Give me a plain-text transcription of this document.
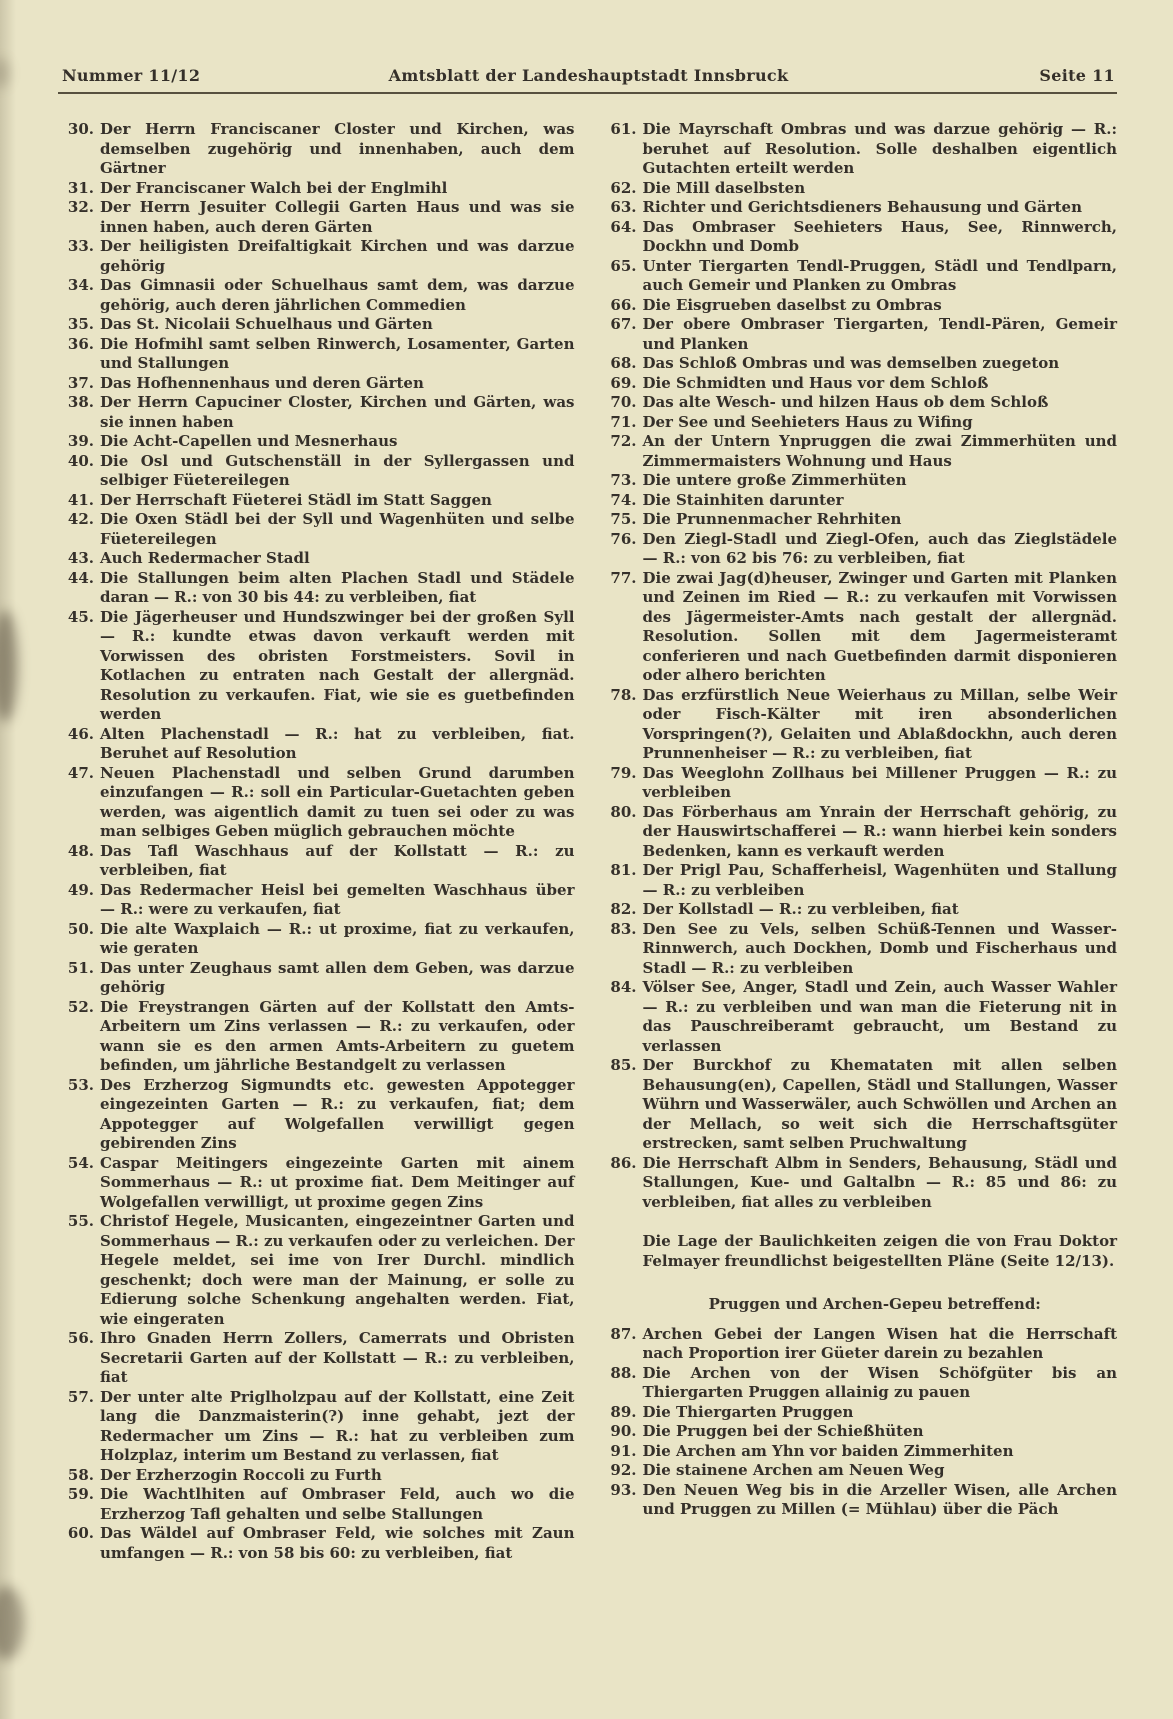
Nummer 11/12	Amtsblatt der Landeshauptstadt Innsbruck	Seite 11
30. Der Herrn Franciscaner Closter und Kirchen, was demselben zugehörig und innenhaben, auch dem Gärtner
31. Der Franciscaner Walch bei der Englmihl
32. Der Herrn Jesuiter Collegii Garten Haus und was sie innen haben, auch deren Gärten
33. Der heiligisten Dreifaltigkait Kirchen und was darzue gehörig
34. Das Gimnasii oder Schuelhaus samt dem, was darzue gehörig, auch deren jährlichen Commedien
35. Das St. Nicolaii Schuelhaus und Gärten
36. Die Hofmihl samt selben Rinwerch, Losamenter, Garten und Stallungen
37. Das Hofhennenhaus und deren Gärten
38. Der Herrn Capuciner Closter, Kirchen und Gärten, was sie innen haben
39. Die Acht-Capellen und Mesnerhaus
40. Die Osl und Gutschenställ in der Syllergassen und selbiger Füetereilegen
41. Der Herrschaft Füeterei Städl im Statt Saggen
42. Die Oxen Städl bei der Syll und Wagenhüten und selbe Füetereilegen
43. Auch Redermacher Stadl
44. Die Stallungen beim alten Plachen Stadl und Städele daran — R.: von 30 bis 44: zu verbleiben, fiat
45. Die Jägerheuser und Hundszwinger bei der großen Syll — R.: kundte etwas davon verkauft werden mit Vorwissen des obristen Forstmeisters. Sovil in Kotlachen zu entraten nach Gestalt der allergnäd. Resolution zu verkaufen. Fiat, wie sie es guetbefinden werden
46. Alten Plachenstadl — R.: hat zu verbleiben, fiat. Beruhet auf Resolution
47. Neuen Plachenstadl und selben Grund darumben einzufangen — R.: soll ein Particular-Guetachten geben werden, was aigentlich damit zu tuen sei oder zu was man selbiges Geben müglich gebrauchen möchte
48. Das Tafl Waschhaus auf der Kollstatt — R.: zu verbleiben, fiat
49. Das Redermacher Heisl bei gemelten Waschhaus über — R.: were zu verkaufen, fiat
50. Die alte Waxplaich — R.: ut proxime, fiat zu verkaufen, wie geraten
51. Das unter Zeughaus samt allen dem Geben, was darzue gehörig
52. Die Freystrangen Gärten auf der Kollstatt den Amts-Arbeitern um Zins verlassen — R.: zu verkaufen, oder wann sie es den armen Amts-Arbeitern zu guetem befinden, um jährliche Bestandgelt zu verlassen
53. Des Erzherzog Sigmundts etc. gewesten Appotegger eingezeinten Garten — R.: zu verkaufen, fiat; dem Appotegger auf Wolgefallen verwilligt gegen gebirenden Zins
54. Caspar Meitingers eingezeinte Garten mit ainem Sommerhaus — R.: ut proxime fiat. Dem Meitinger auf Wolgefallen verwilligt, ut proxime gegen Zins
55. Christof Hegele, Musicanten, eingezeintner Garten und Sommerhaus — R.: zu verkaufen oder zu verleichen. Der Hegele meldet, sei ime von Irer Durchl. mindlich geschenkt; doch were man der Mainung, er solle zu Edierung solche Schenkung angehalten werden. Fiat, wie eingeraten
56. Ihro Gnaden Herrn Zollers, Camerrats und Obristen Secretarii Garten auf der Kollstatt — R.: zu verbleiben, fiat
57. Der unter alte Priglholzpau auf der Kollstatt, eine Zeit lang die Danzmaisterin(?) inne gehabt, jezt der Redermacher um Zins — R.: hat zu verbleiben zum Holzplaz, interim um Bestand zu verlassen, fiat
58. Der Erzherzogin Roccoli zu Furth
59. Die Wachtlhiten auf Ombraser Feld, auch wo die Erzherzog Tafl gehalten und selbe Stallungen
60. Das Wäldel auf Ombraser Feld, wie solches mit Zaun umfangen — R.: von 58 bis 60: zu verbleiben, fiat
61. Die Mayrschaft Ombras und was darzue gehörig — R.: beruhet auf Resolution. Solle deshalben eigentlich Gutachten erteilt werden
62. Die Mill daselbsten
63. Richter und Gerichtsdieners Behausung und Gärten
64. Das Ombraser Seehieters Haus, See, Rinnwerch, Dockhn und Domb
65. Unter Tiergarten Tendl-Pruggen, Städl und Tendlparn, auch Gemeir und Planken zu Ombras
66. Die Eisgrueben daselbst zu Ombras
67. Der obere Ombraser Tiergarten, Tendl-Pären, Gemeir und Planken
68. Das Schloß Ombras und was demselben zuegeton
69. Die Schmidten und Haus vor dem Schloß
70. Das alte Wesch- und hilzen Haus ob dem Schloß
71. Der See und Seehieters Haus zu Wifing
72. An der Untern Ynpruggen die zwai Zimmerhüten und Zimmermaisters Wohnung und Haus
73. Die untere große Zimmerhüten
74. Die Stainhiten darunter
75. Die Prunnenmacher Rehrhiten
76. Den Ziegl-Stadl und Ziegl-Ofen, auch das Zieglstädele — R.: von 62 bis 76: zu verbleiben, fiat
77. Die zwai Jag(d)heuser, Zwinger und Garten mit Planken und Zeinen im Ried — R.: zu verkaufen mit Vorwissen des Jägermeister-Amts nach gestalt der allergnäd. Resolution. Sollen mit dem Jagermeisteramt conferieren und nach Guetbefinden darmit disponieren oder alhero berichten
78. Das erzfürstlich Neue Weierhaus zu Millan, selbe Weir oder Fisch-Kälter mit iren absonderlichen Vorspringen(?), Gelaiten und Ablaßdockhn, auch deren Prunnenheiser — R.: zu verbleiben, fiat
79. Das Weeglohn Zollhaus bei Millener Pruggen — R.: zu verbleiben
80. Das Förberhaus am Ynrain der Herrschaft gehörig, zu der Hauswirtschafferei — R.: wann hierbei kein sonders Bedenken, kann es verkauft werden
81. Der Prigl Pau, Schafferheisl, Wagenhüten und Stallung — R.: zu verbleiben
82. Der Kollstadl — R.: zu verbleiben, fiat
83. Den See zu Vels, selben Schüß-Tennen und Wasser-Rinnwerch, auch Dockhen, Domb und Fischerhaus und Stadl — R.: zu verbleiben
84. Völser See, Anger, Stadl und Zein, auch Wasser Wahler — R.: zu verbleiben und wan man die Fieterung nit in das Pauschreiberamt gebraucht, um Bestand zu verlassen
85. Der Burckhof zu Khemataten mit allen selben Behausung(en), Capellen, Städl und Stallungen, Wasser Wührn und Wasserwäler, auch Schwöllen und Archen an der Mellach, so weit sich die Herrschaftsgüter erstrecken, samt selben Pruchwaltung
86. Die Herrschaft Albm in Senders, Behausung, Städl und Stallungen, Kue- und Galtalbn — R.: 85 und 86: zu verbleiben, fiat alles zu verbleiben

Die Lage der Baulichkeiten zeigen die von Frau Doktor Felmayer freundlichst beigestellten Pläne (Seite 12/13).

Pruggen und Archen-Gepeu betreffend:
87. Archen Gebei der Langen Wisen hat die Herrschaft nach Proportion irer Güeter darein zu bezahlen
88. Die Archen von der Wisen Schöfgüter bis an Thiergarten Pruggen allainig zu pauen
89. Die Thiergarten Pruggen
90. Die Pruggen bei der Schießhüten
91. Die Archen am Yhn vor baiden Zimmerhiten
92. Die stainene Archen am Neuen Weg
93. Den Neuen Weg bis in die Arzeller Wisen, alle Archen und Pruggen zu Millen (= Mühlau) über die Päch
